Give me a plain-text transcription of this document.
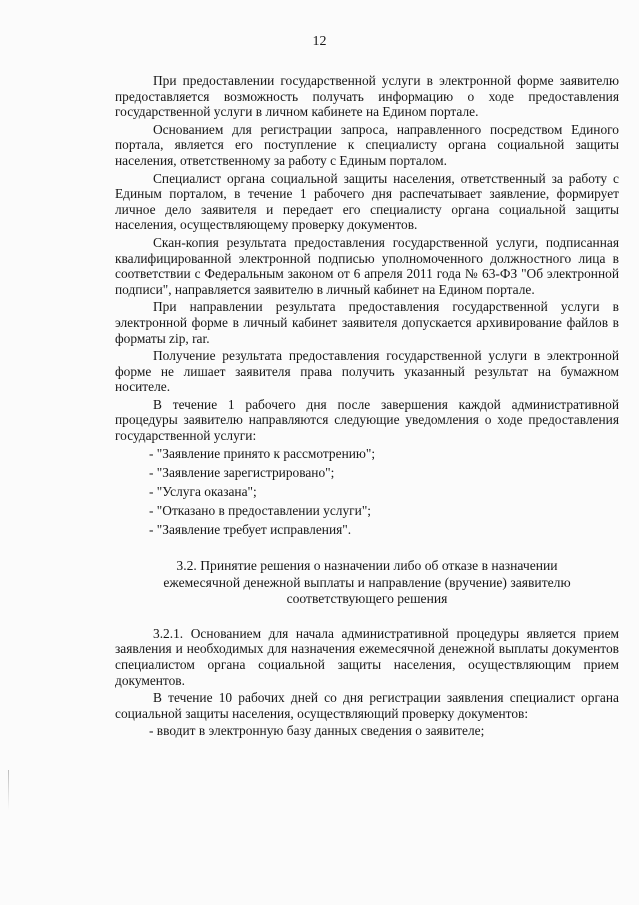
12

При предоставлении государственной услуги в электронной форме заявителю предоставляется возможность получать информацию о ходе предоставления государственной услуги в личном кабинете на Едином портале.

Основанием для регистрации запроса, направленного посредством Единого портала, является его поступление к специалисту органа социальной защиты населения, ответственному за работу с Единым порталом.

Специалист органа социальной защиты населения, ответственный за работу с Единым порталом, в течение 1 рабочего дня распечатывает заявление, формирует личное дело заявителя и передает его специалисту органа социальной защиты населения, осуществляющему проверку документов.

Скан-копия результата предоставления государственной услуги, подписанная квалифицированной электронной подписью уполномоченного должностного лица в соответствии с Федеральным законом от 6 апреля 2011 года № 63-ФЗ "Об электронной подписи", направляется заявителю в личный кабинет на Едином портале.

При направлении результата предоставления государственной услуги в электронной форме в личный кабинет заявителя допускается архивирование файлов в форматы zip, rar.

Получение результата предоставления государственной услуги в электронной форме не лишает заявителя права получить указанный результат на бумажном носителе.

В течение 1 рабочего дня после завершения каждой административной процедуры заявителю направляются следующие уведомления о ходе предоставления государственной услуги:

- "Заявление принято к рассмотрению";
- "Заявление зарегистрировано";
- "Услуга оказана";
- "Отказано в предоставлении услуги";
- "Заявление требует исправления".
3.2. Принятие решения о назначении либо об отказе в назначении
ежемесячной денежной выплаты и направление (вручение) заявителю
соответствующего решения

3.2.1. Основанием для начала административной процедуры является прием заявления и необходимых для назначения ежемесячной денежной выплаты документов специалистом органа социальной защиты населения, осуществляющим прием документов.

В течение 10 рабочих дней со дня регистрации заявления специалист органа социальной защиты населения, осуществляющий проверку документов:

- вводит в электронную базу данных сведения о заявителе;
